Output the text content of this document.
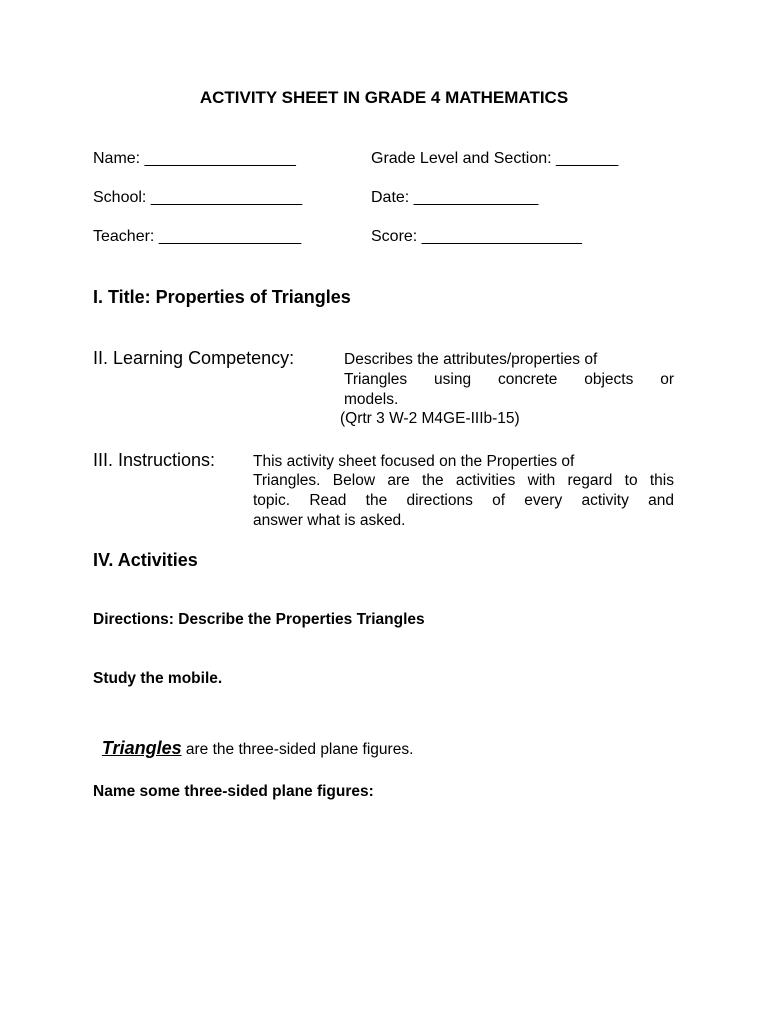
ACTIVITY SHEET IN GRADE 4 MATHEMATICS
Name: _________________	Grade Level and Section: _______
School: _________________	Date: ______________
Teacher: ________________	Score: __________________
I. Title: Properties of Triangles
II. Learning Competency:	Describes the attributes/properties of
Triangles using concrete objects or
models.
(Qrtr 3 W-2 M4GE-IIIb-15)
III. Instructions: This activity sheet focused on the Properties of
Triangles. Below are the activities with regard to this
topic. Read the directions of every activity and
answer what is asked.
IV. Activities
Directions: Describe the Properties Triangles
Study the mobile.

Triangles are the three-sided plane figures.

Name some three-sided plane figures:
